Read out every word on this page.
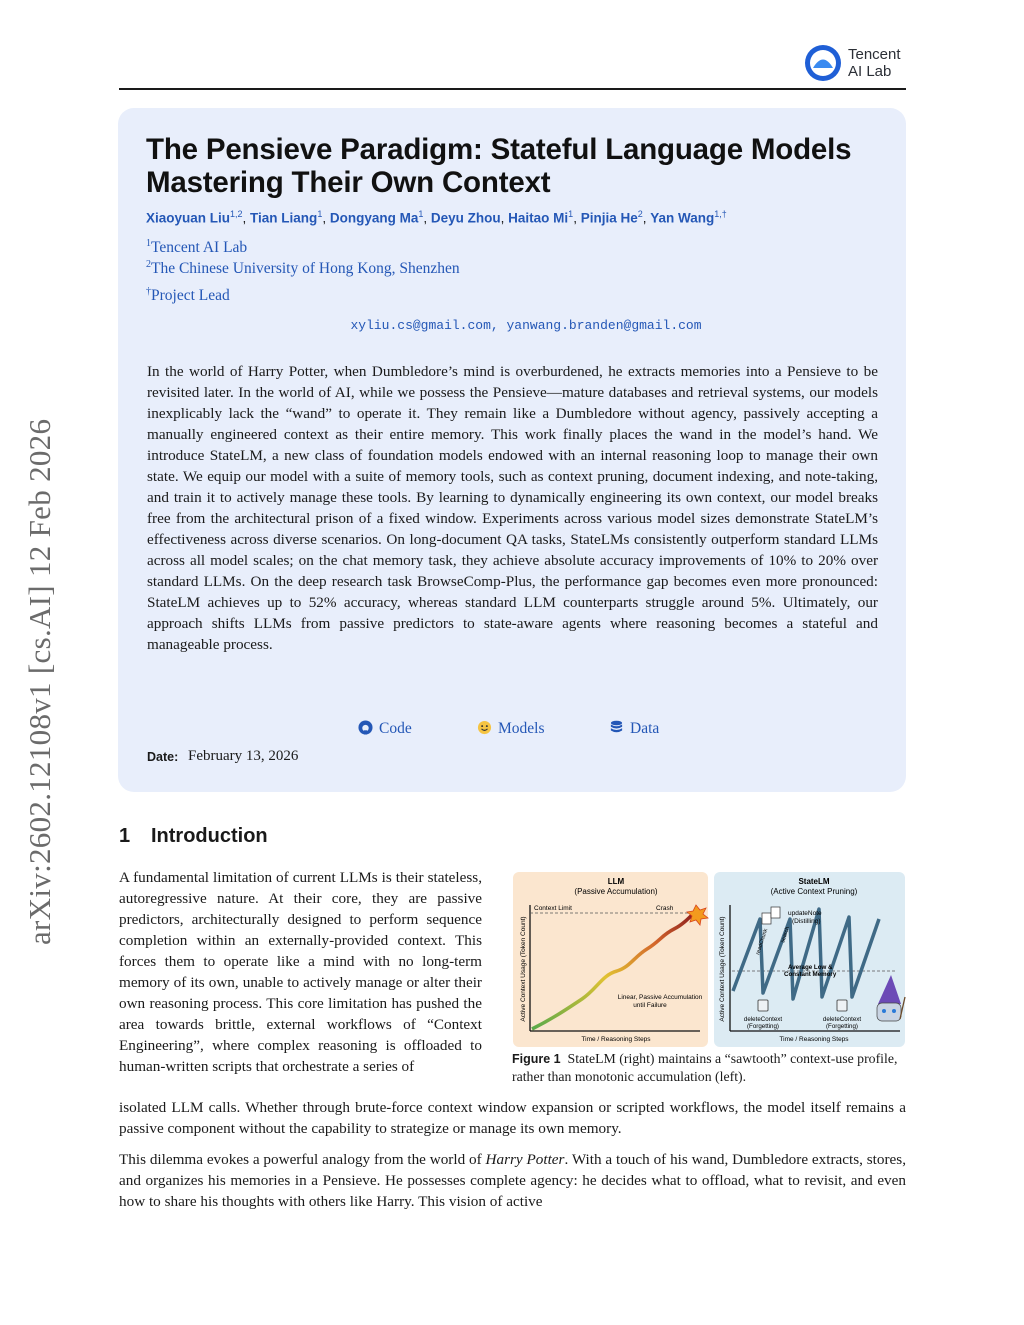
Tencent
AI Lab
arXiv:2602.12108v1 [cs.AI] 12 Feb 2026
The Pensieve Paradigm: Stateful Language Models Mastering Their Own Context
Xiaoyuan Liu$^{1,2}$, Tian Liang$^1$, Dongyang Ma$^1$, Deyu Zhou, Haitao Mi$^1$, Pinjia He$^2$, Yan Wang$^{1,\dagger}$
$^1$Tencent AI Lab
$^2$The Chinese University of Hong Kong, Shenzhen
†Project Lead
xyliu.cs@gmail.com, yanwang.branden@gmail.com
In the world of Harry Potter, when Dumbledore’s mind is overburdened, he extracts memories into a Pensieve to be revisited later. In the world of AI, while we possess the Pensieve—mature databases and retrieval systems, our models inexplicably lack the “wand” to operate it. They remain like a Dumbledore without agency, passively accepting a manually engineered context as their entire memory. This work finally places the wand in the model’s hand. We introduce StateLM, a new class of foundation models endowed with an internal reasoning loop to manage their own state. We equip our model with a suite of memory tools, such as context pruning, document indexing, and note-taking, and train it to actively manage these tools. By learning to dynamically engineering its own context, our model breaks free from the architectural prison of a fixed window. Experiments across various model sizes demonstrate StateLM’s effectiveness across diverse scenarios. On long-document QA tasks, StateLMs consistently outperform standard LLMs across all model scales; on the chat memory task, they achieve absolute accuracy improvements of 10% to 20% over standard LLMs. On the deep research task BrowseComp-Plus, the performance gap becomes even more pronounced: StateLM achieves up to 52% accuracy, whereas standard LLM counterparts struggle around 5%. Ultimately, our approach shifts LLMs from passive predictors to state-aware agents where reasoning becomes a stateful and manageable process.
Code	Models	Data
Date: February 13, 2026
1 Introduction
A fundamental limitation of current LLMs is their stateless, autoregressive nature. At their core, they are passive predictors, architecturally designed to perform sequence completion within an externally-provided context. This forces them to operate like a mind with no long-term memory of its own, unable to actively manage or alter their own reasoning process. This core limitation has pushed the area towards brittle, external workflows of “Context Engineering”, where complex reasoning is offloaded to human-written scripts that orchestrate a series of
isolated LLM calls. Whether through brute-force context window expansion or scripted workflows, the model itself remains a passive component without the capability to strategize or manage its own memory.
This dilemma evokes a powerful analogy from the world of Harry Potter. With a touch of his wand, Dumbledore extracts, stores, and organizes his memories in a Pensieve. He possesses complete agency: he decides what to offload, what to revisit, and even how to share his thoughts with others like Harry. This vision of active
LLM
(Passive Accumulation)
Context Limit	Crash
Linear, Passive Accumulation
until Failure
Time / Reasoning Steps
Active Context Usage (Token Count)
StateLM
(Active Context Pruning)
updateNote
(Distilling)
readChunk search
Average Low &
Constant Memory
deleteContext
(Forgetting)
deleteContext
(Forgetting)
Time / Reasoning Steps
Active Context Usage (Token Count)
Figure 1 StateLM (right) maintains a “sawtooth” context-use profile, rather than monotonic accumulation (left).
